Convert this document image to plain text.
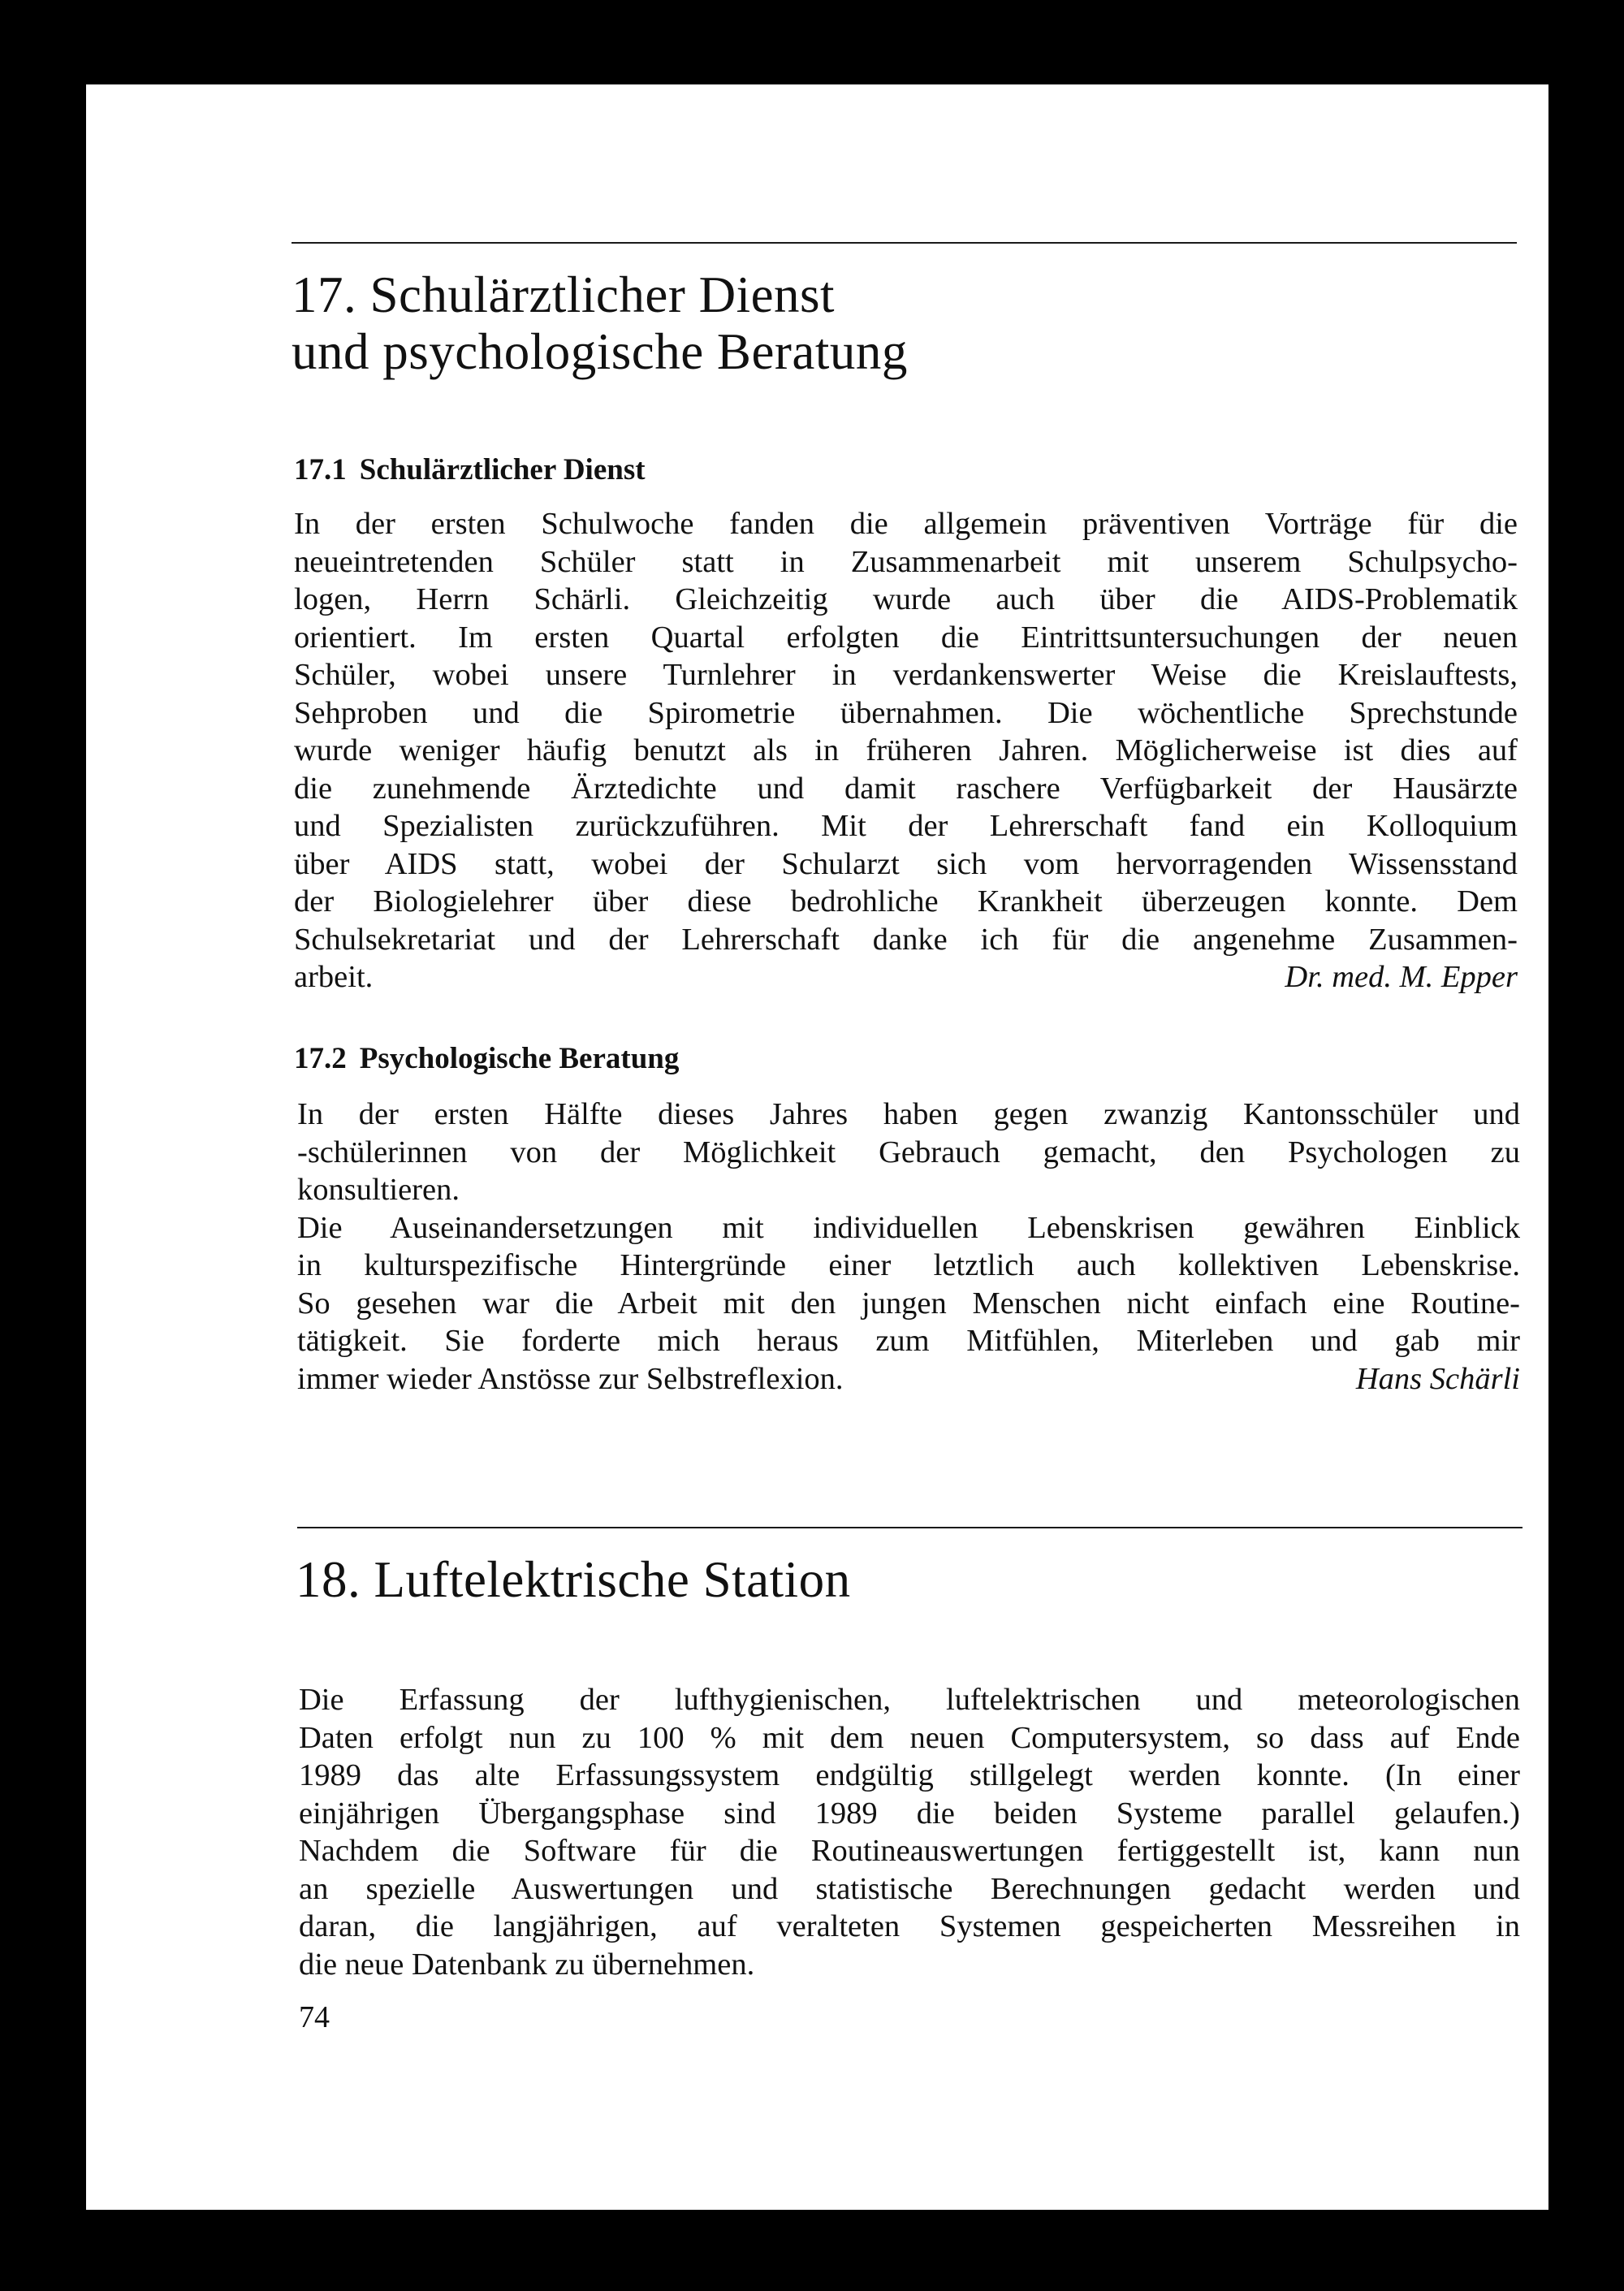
17. Schulärztlicher Dienst
und psychologische Beratung
17.1 Schulärztlicher Dienst
In der ersten Schulwoche fanden die allgemein präventiven Vorträge für die
neueintretenden Schüler statt in Zusammenarbeit mit unserem Schulpsycho-
logen, Herrn Schärli. Gleichzeitig wurde auch über die AIDS-Problematik
orientiert. Im ersten Quartal erfolgten die Eintrittsuntersuchungen der neuen
Schüler, wobei unsere Turnlehrer in verdankenswerter Weise die Kreislauftests,
Sehproben und die Spirometrie übernahmen. Die wöchentliche Sprechstunde
wurde weniger häufig benutzt als in früheren Jahren. Möglicherweise ist dies auf
die zunehmende Ärztedichte und damit raschere Verfügbarkeit der Hausärzte
und Spezialisten zurückzuführen. Mit der Lehrerschaft fand ein Kolloquium
über AIDS statt, wobei der Schularzt sich vom hervorragenden Wissensstand
der Biologielehrer über diese bedrohliche Krankheit überzeugen konnte. Dem
Schulsekretariat und der Lehrerschaft danke ich für die angenehme Zusammen-
arbeit.	Dr. med. M. Epper
17.2 Psychologische Beratung
In der ersten Hälfte dieses Jahres haben gegen zwanzig Kantonsschüler und
-schülerinnen von der Möglichkeit Gebrauch gemacht, den Psychologen zu
konsultieren.
Die Auseinandersetzungen mit individuellen Lebenskrisen gewähren Einblick
in kulturspezifische Hintergründe einer letztlich auch kollektiven Lebenskrise.
So gesehen war die Arbeit mit den jungen Menschen nicht einfach eine Routine-
tätigkeit. Sie forderte mich heraus zum Mitfühlen, Miterleben und gab mir
immer wieder Anstösse zur Selbstreflexion.	Hans Schärli
18. Luftelektrische Station
Die Erfassung der lufthygienischen, luftelektrischen und meteorologischen
Daten erfolgt nun zu 100 % mit dem neuen Computersystem, so dass auf Ende
1989 das alte Erfassungssystem endgültig stillgelegt werden konnte. (In einer
einjährigen Übergangsphase sind 1989 die beiden Systeme parallel gelaufen.)
Nachdem die Software für die Routineauswertungen fertiggestellt ist, kann nun
an spezielle Auswertungen und statistische Berechnungen gedacht werden und
daran, die langjährigen, auf veralteten Systemen gespeicherten Messreihen in
die neue Datenbank zu übernehmen.

74
